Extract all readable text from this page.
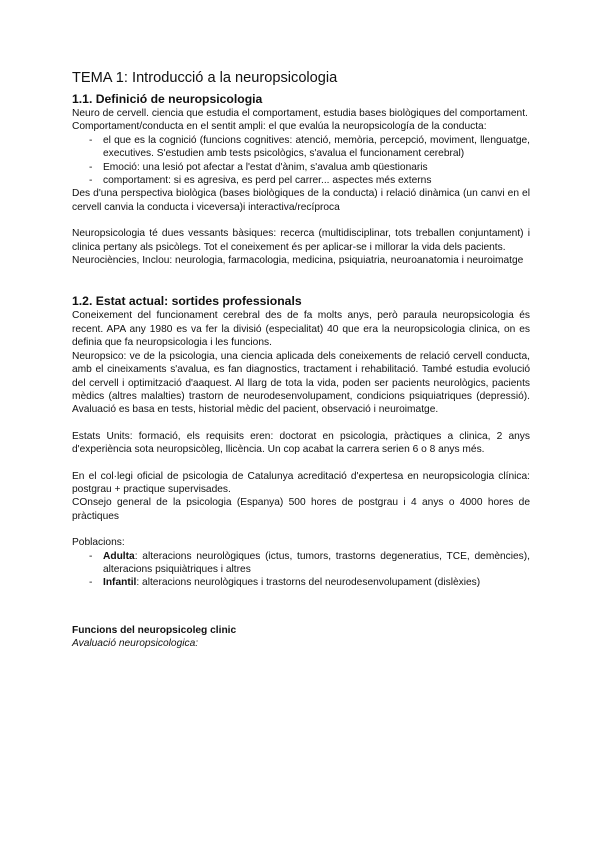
TEMA 1: Introducció a la neuropsicologia
1.1. Definició de neuropsicologia

Neuro de cervell. ciencia que estudia el comportament, estudia bases biològiques del comportament.

Comportament/conducta en el sentit ampli: el que evalúa la neuropsicología de la conducta:

- el que es la cognició (funcions cognitives: atenció, memòria, percepció, moviment, llenguatge, executives. S'estudien amb tests psicològics, s'avalua el funcionament cerebral)
- Emoció: una lesió pot afectar a l'estat d'ànim, s'avalua amb qüestionaris
- comportament: si es agresiva, es perd pel carrer... aspectes més externs

Des d'una perspectiva biològica (bases biològiques de la conducta) i relació dinàmica (un canvi en el cervell canvia la conducta i viceversa)i interactiva/recíproca

Neuropsicologia té dues vessants bàsiques: recerca (multidisciplinar, tots treballen conjuntament) i clinica pertany als psicòlegs. Tot el coneixement és per aplicar-se i millorar la vida dels pacients.

Neurociències, Inclou: neurologia, farmacologia, medicina, psiquiatria, neuroanatomia i neuroimatge

1.2. Estat actual: sortides professionals

Coneixement del funcionament cerebral des de fa molts anys, però paraula neuropsicologia és recent. APA any 1980 es va fer la divisió (especialitat) 40 que era la neuropsicologia clinica, on es definia que fa neuropsicologia i les funcions.

Neuropsico: ve de la psicologia, una ciencia aplicada dels coneixements de relació cervell conducta, amb el cineixaments s'avalua, es fan diagnostics, tractament i rehabilitació. També estudia evolució del cervell i optimització d'aaquest. Al llarg de tota la vida, poden ser pacients neurològics, pacients mèdics (altres malalties) trastorn de neurodesenvolupament, condicions psiquiatriques (depressió). Avaluació es basa en tests, historial mèdic del pacient, observació i neuroimatge.

Estats Units: formació, els requisits eren: doctorat en psicologia, pràctiques a clinica, 2 anys d'experiència sota neuropsicòleg, llicència. Un cop acabat la carrera serien 6 o 8 anys més.

En el col·legi oficial de psicologia de Catalunya acreditació d'expertesa en neuropsicologia clínica: postgrau + practique supervisades.

COnsejo general de la psicologia (Espanya) 500 hores de postgrau i 4 anys o 4000 hores de pràctiques

Poblacions:

- Adulta: alteracions neurològiques (ictus, tumors, trastorns degeneratius, TCE, demències), alteracions psiquiàtriques i altres
- Infantil: alteracions neurològiques i trastorns del neurodesenvolupament (dislèxies)

Funcions del neuropsicoleg clinic

Avaluació neuropsicologica:
